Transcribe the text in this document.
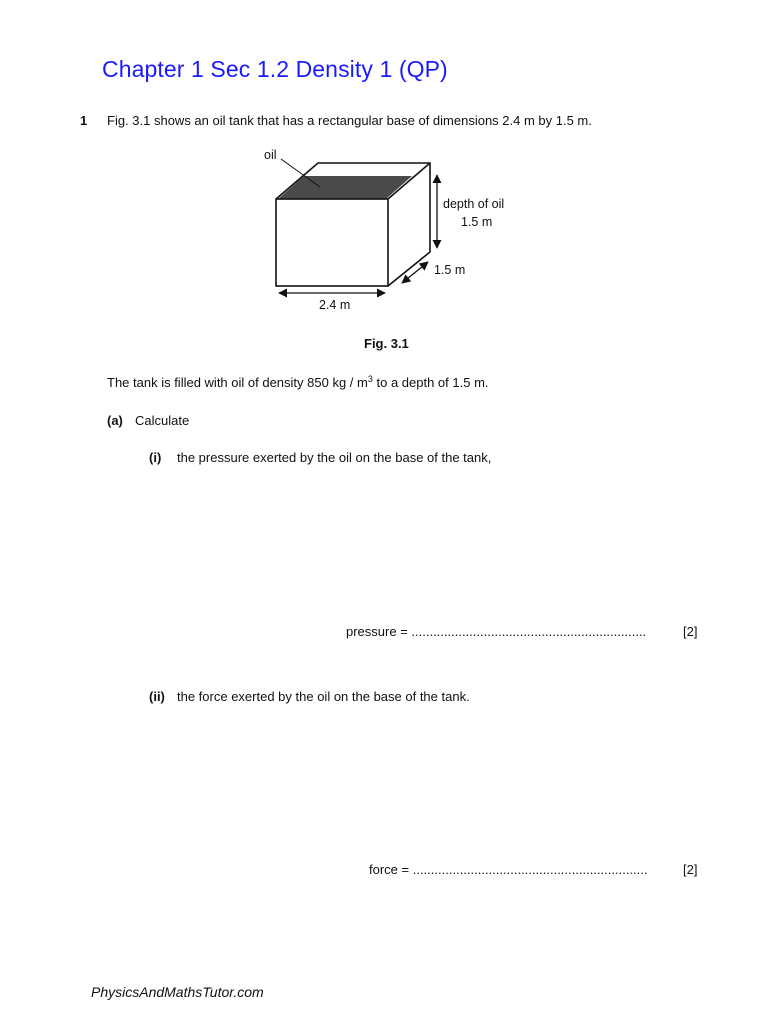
Chapter 1 Sec 1.2 Density 1 (QP)
1 Fig. 3.1 shows an oil tank that has a rectangular base of dimensions 2.4 m by 1.5 m.
oil
depth of oil
1.5 m
1.5 m
2.4 m
Fig. 3.1
The tank is filled with oil of density 850 kg / $m^3$ to a depth of 1.5 m.
(a) Calculate
(i) the pressure exerted by the oil on the base of the tank,
pressure = .................................................................	[2]
(ii) the force exerted by the oil on the base of the tank.
force = .................................................................	[2]
PhysicsAndMathsTutor.com
